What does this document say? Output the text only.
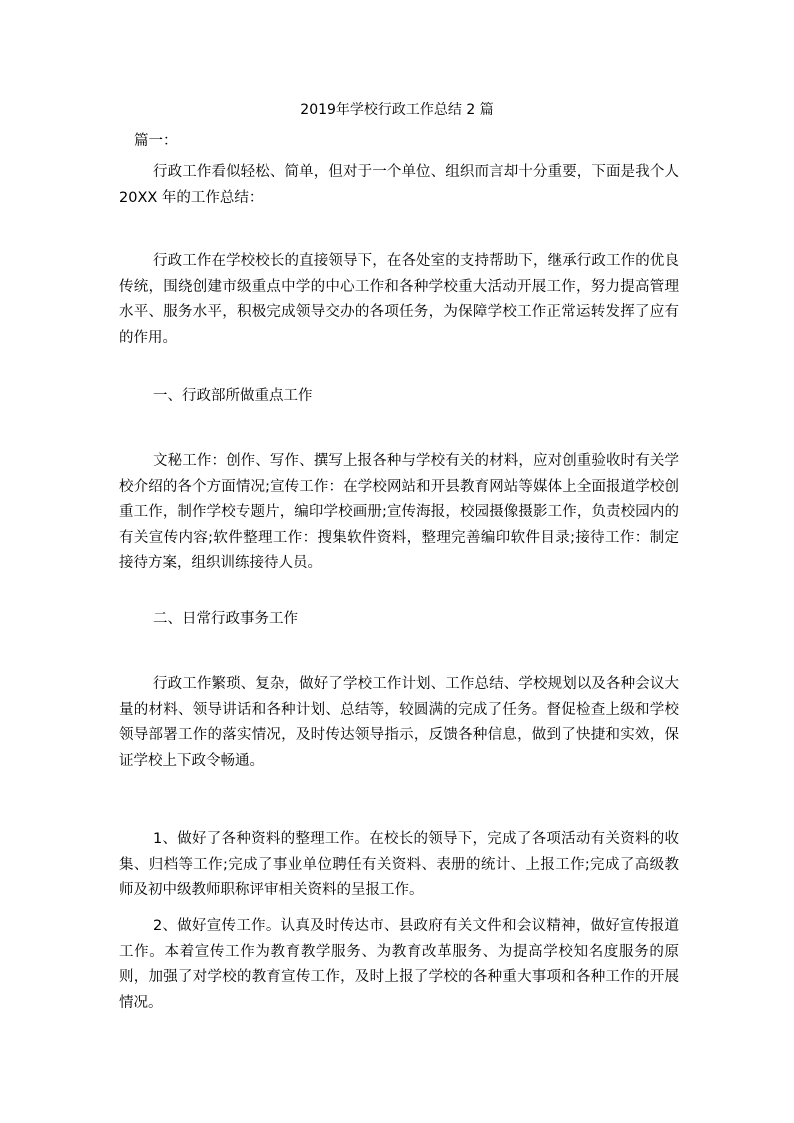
2019年学校行政工作总结 2 篇

篇一：

行政工作看似轻松、简单，但对于一个单位、组织而言却十分重要，下面是我个人 20XX 年的工作总结：

行政工作在学校校长的直接领导下，在各处室的支持帮助下，继承行政工作的优良传统，围绕创建市级重点中学的中心工作和各种学校重大活动开展工作，努力提高管理水平、服务水平，积极完成领导交办的各项任务，为保障学校工作正常运转发挥了应有的作用。

一、行政部所做重点工作

文秘工作：创作、写作、撰写上报各种与学校有关的材料，应对创重验收时有关学校介绍的各个方面情况;宣传工作：在学校网站和开县教育网站等媒体上全面报道学校创重工作，制作学校专题片，编印学校画册;宣传海报，校园摄像摄影工作，负责校园内的有关宣传内容;软件整理工作：搜集软件资料，整理完善编印软件目录;接待工作：制定接待方案，组织训练接待人员。

二、日常行政事务工作

行政工作繁琐、复杂，做好了学校工作计划、工作总结、学校规划以及各种会议大量的材料、领导讲话和各种计划、总结等，较圆满的完成了任务。督促检查上级和学校领导部署工作的落实情况，及时传达领导指示，反馈各种信息，做到了快捷和实效，保证学校上下政令畅通。

1、做好了各种资料的整理工作。在校长的领导下，完成了各项活动有关资料的收集、归档等工作;完成了事业单位聘任有关资料、表册的统计、上报工作;完成了高级教师及初中级教师职称评审相关资料的呈报工作。

2、做好宣传工作。认真及时传达市、县政府有关文件和会议精神，做好宣传报道工作。本着宣传工作为教育教学服务、为教育改革服务、为提高学校知名度服务的原则，加强了对学校的教育宣传工作，及时上报了学校的各种重大事项和各种工作的开展情况。
